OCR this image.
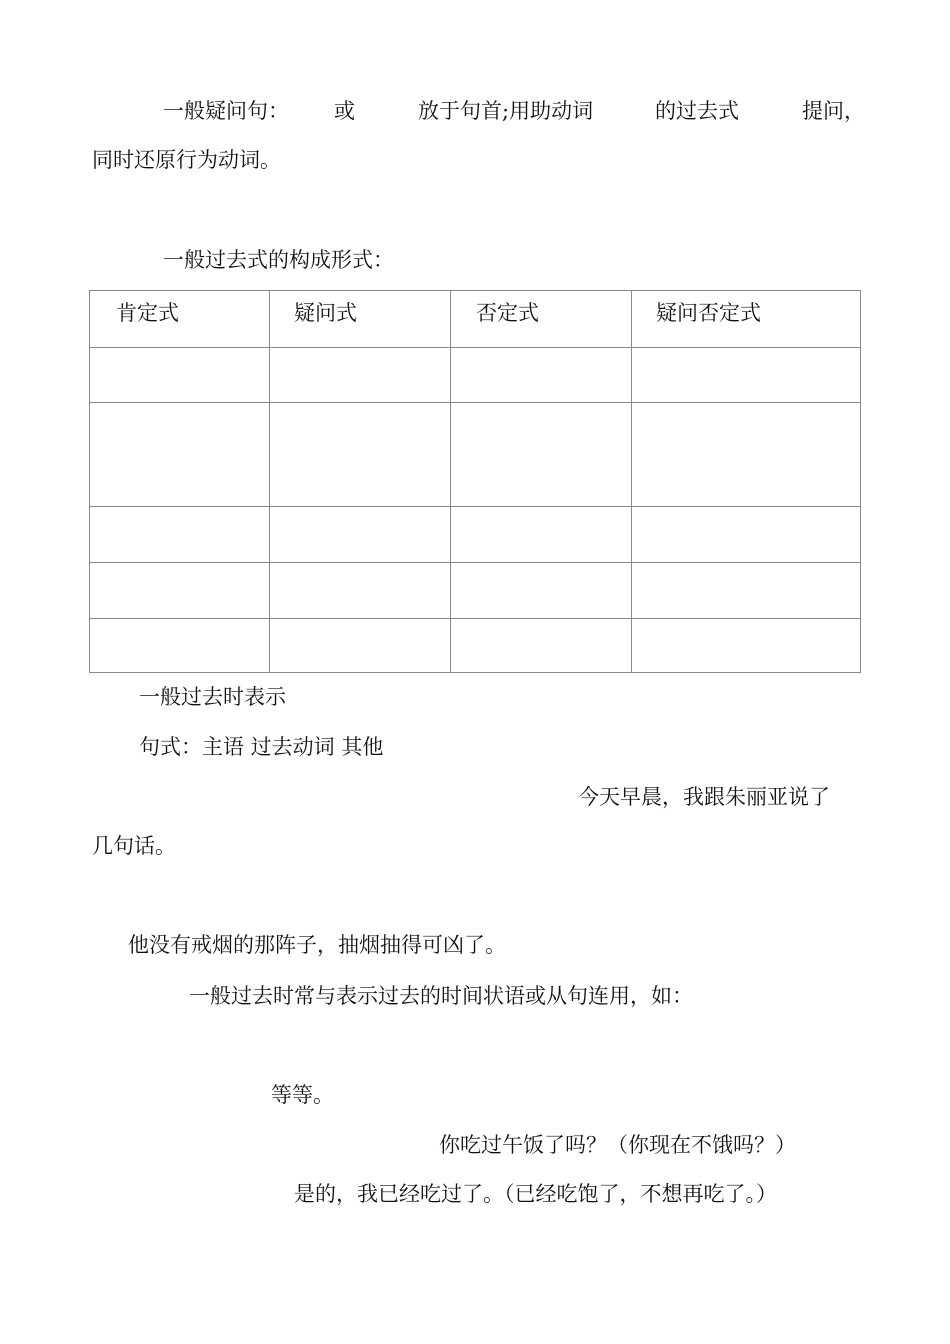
一般疑问句： 或	放于句首;用助动词	的过去式	提问，
同时还原行为动词。
一般过去式的构成形式：
肯定式	疑问式	否定式	疑问否定式

一般过去时表示
句式：主语 过去动词 其他
今天早晨，我跟朱丽亚说了
几句话。
他没有戒烟的那阵子，抽烟抽得可凶了。
一般过去时常与表示过去的时间状语或从句连用，如：
等等。
你吃过午饭了吗？（你现在不饿吗？）
是的，我已经吃过了。（已经吃饱了，不想再吃了。）
